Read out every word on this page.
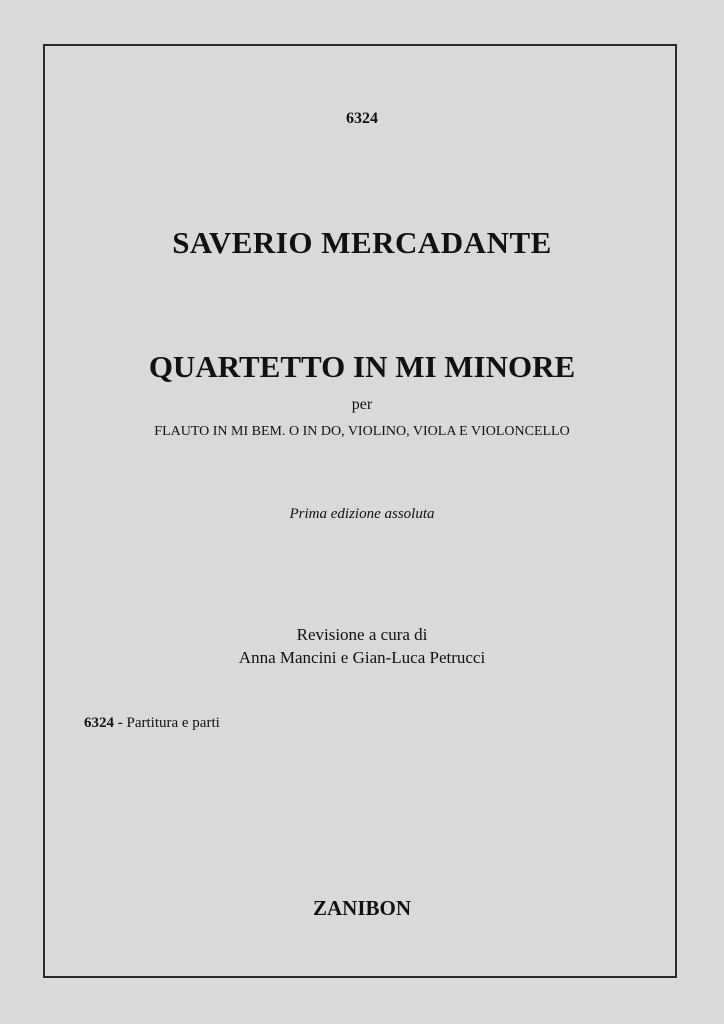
6324
SAVERIO MERCADANTE
QUARTETTO IN MI MINORE
per
FLAUTO IN MI BEM. O IN DO, VIOLINO, VIOLA E VIOLONCELLO
Prima edizione assoluta
Revisione a cura di
Anna Mancini e Gian-Luca Petrucci
6324 - Partitura e parti
ZANIBON
